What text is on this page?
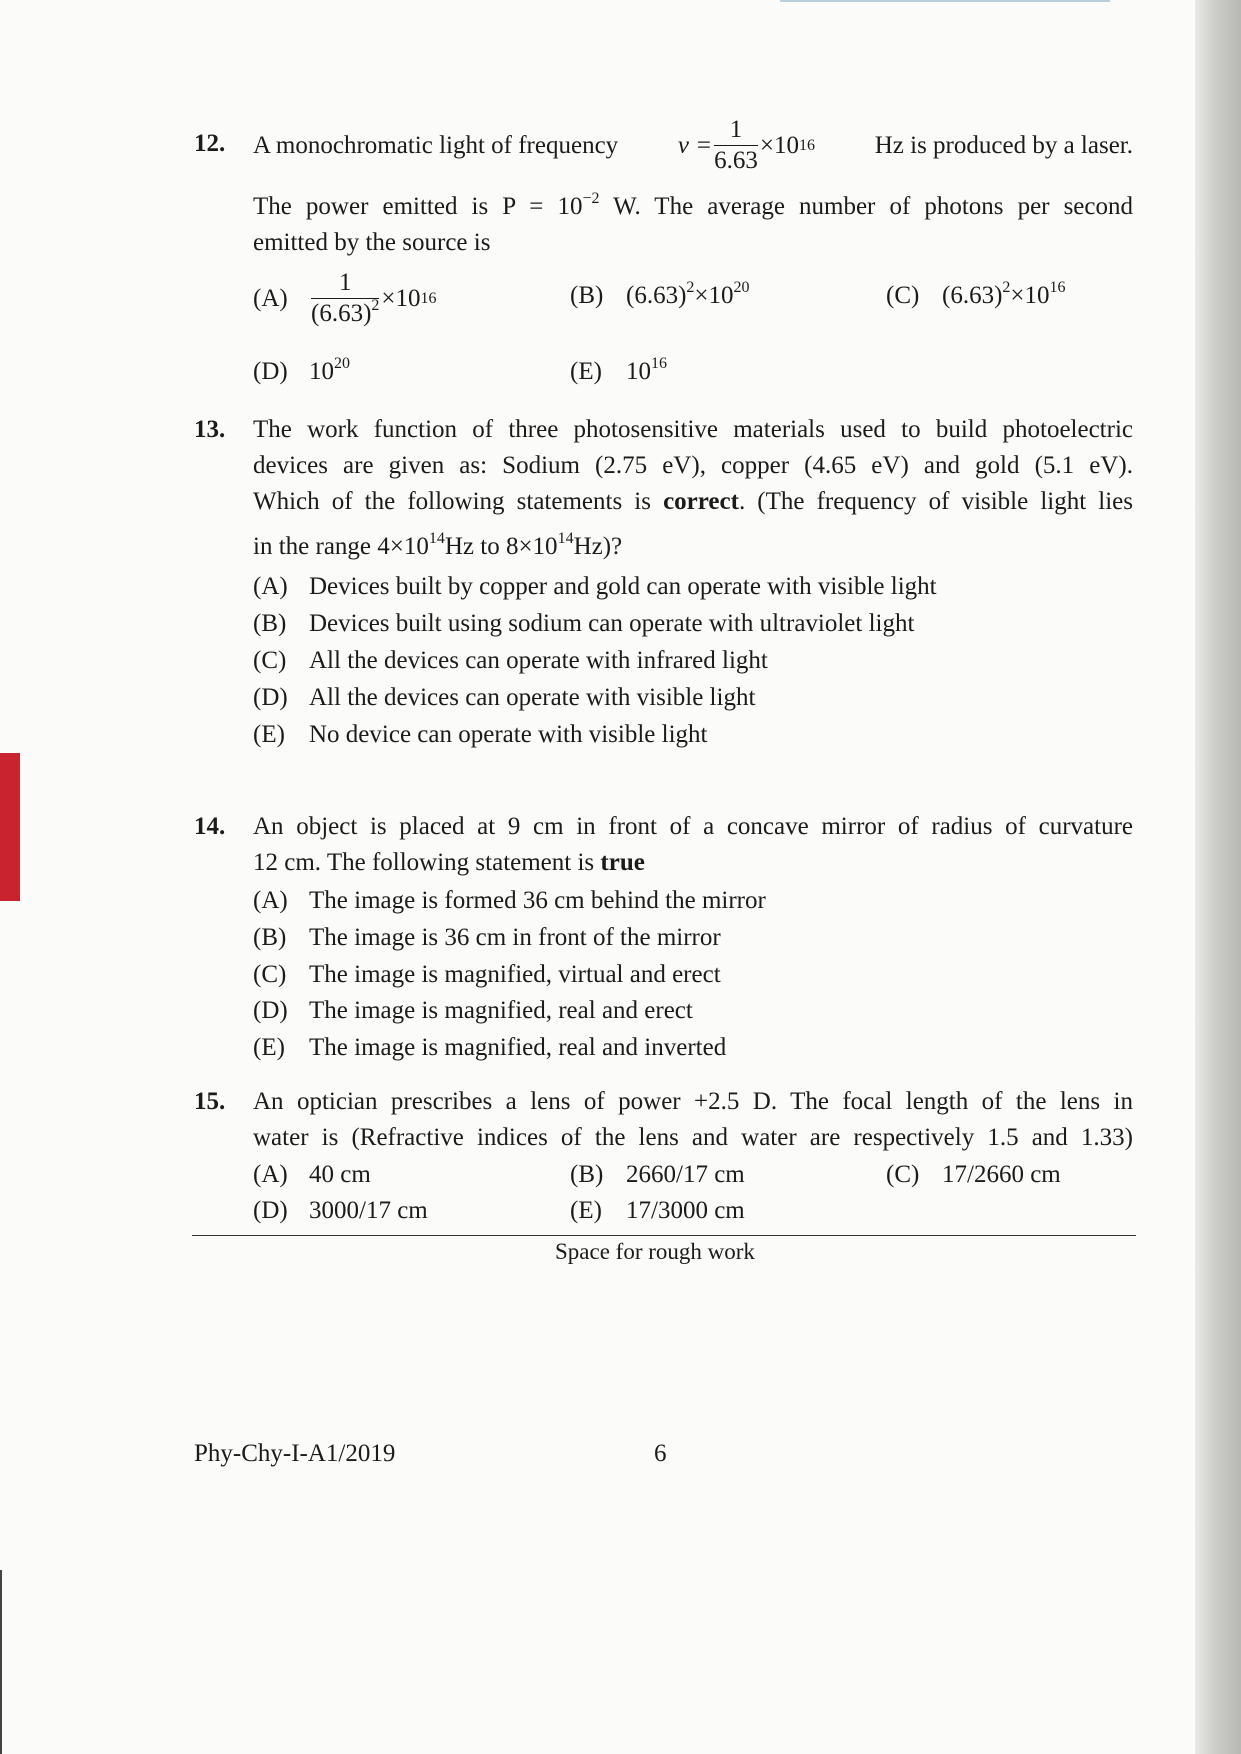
12. A monochromatic light of frequency $\nu = \frac{1}{6.63} \times 10$ 16 Hz is produced by a laser.
The power emitted is $P = 10^{-2}$ W. The average number of photons per second
emitted by the source is
$(A) \frac{1}{(6.63)^2} \times 10$ 16	(B) $(6.63)^2\times 10^{20}$	(C) $(6.63)^2\times 10^{16}$
(D) $10^{20}$	(E) $10^{16}$
13. The work function of three photosensitive materials used to build photoelectric
devices are given as: Sodium (2.75 eV), copper (4.65 eV) and gold (5.1 eV).
Which of the following statements is correct. (The frequency of visible light lies
in the range $4\times 10^{14}Hz$ to $8\times 10^{14}Hz$)?
(A) Devices built by copper and gold can operate with visible light
(B) Devices built using sodium can operate with ultraviolet light
(C) All the devices can operate with infrared light
(D) All the devices can operate with visible light
(E) No device can operate with visible light
14. An object is placed at 9 cm in front of a concave mirror of radius of curvature
12 cm. The following statement is true
(A) The image is formed 36 cm behind the mirror
(B) The image is 36 cm in front of the mirror
(C) The image is magnified, virtual and erect
(D) The image is magnified, real and erect
(E) The image is magnified, real and inverted
15. An optician prescribes a lens of power +2.5 D. The focal length of the lens in
water is (Refractive indices of the lens and water are respectively 1.5 and 1.33)
(A) 40 cm	(B) 2660/17 cm	(C) 17/2660 cm
(D) 3000/17 cm	(E) 17/3000 cm
Space for rough work
Phy-Chy-I-A1/2019	6
